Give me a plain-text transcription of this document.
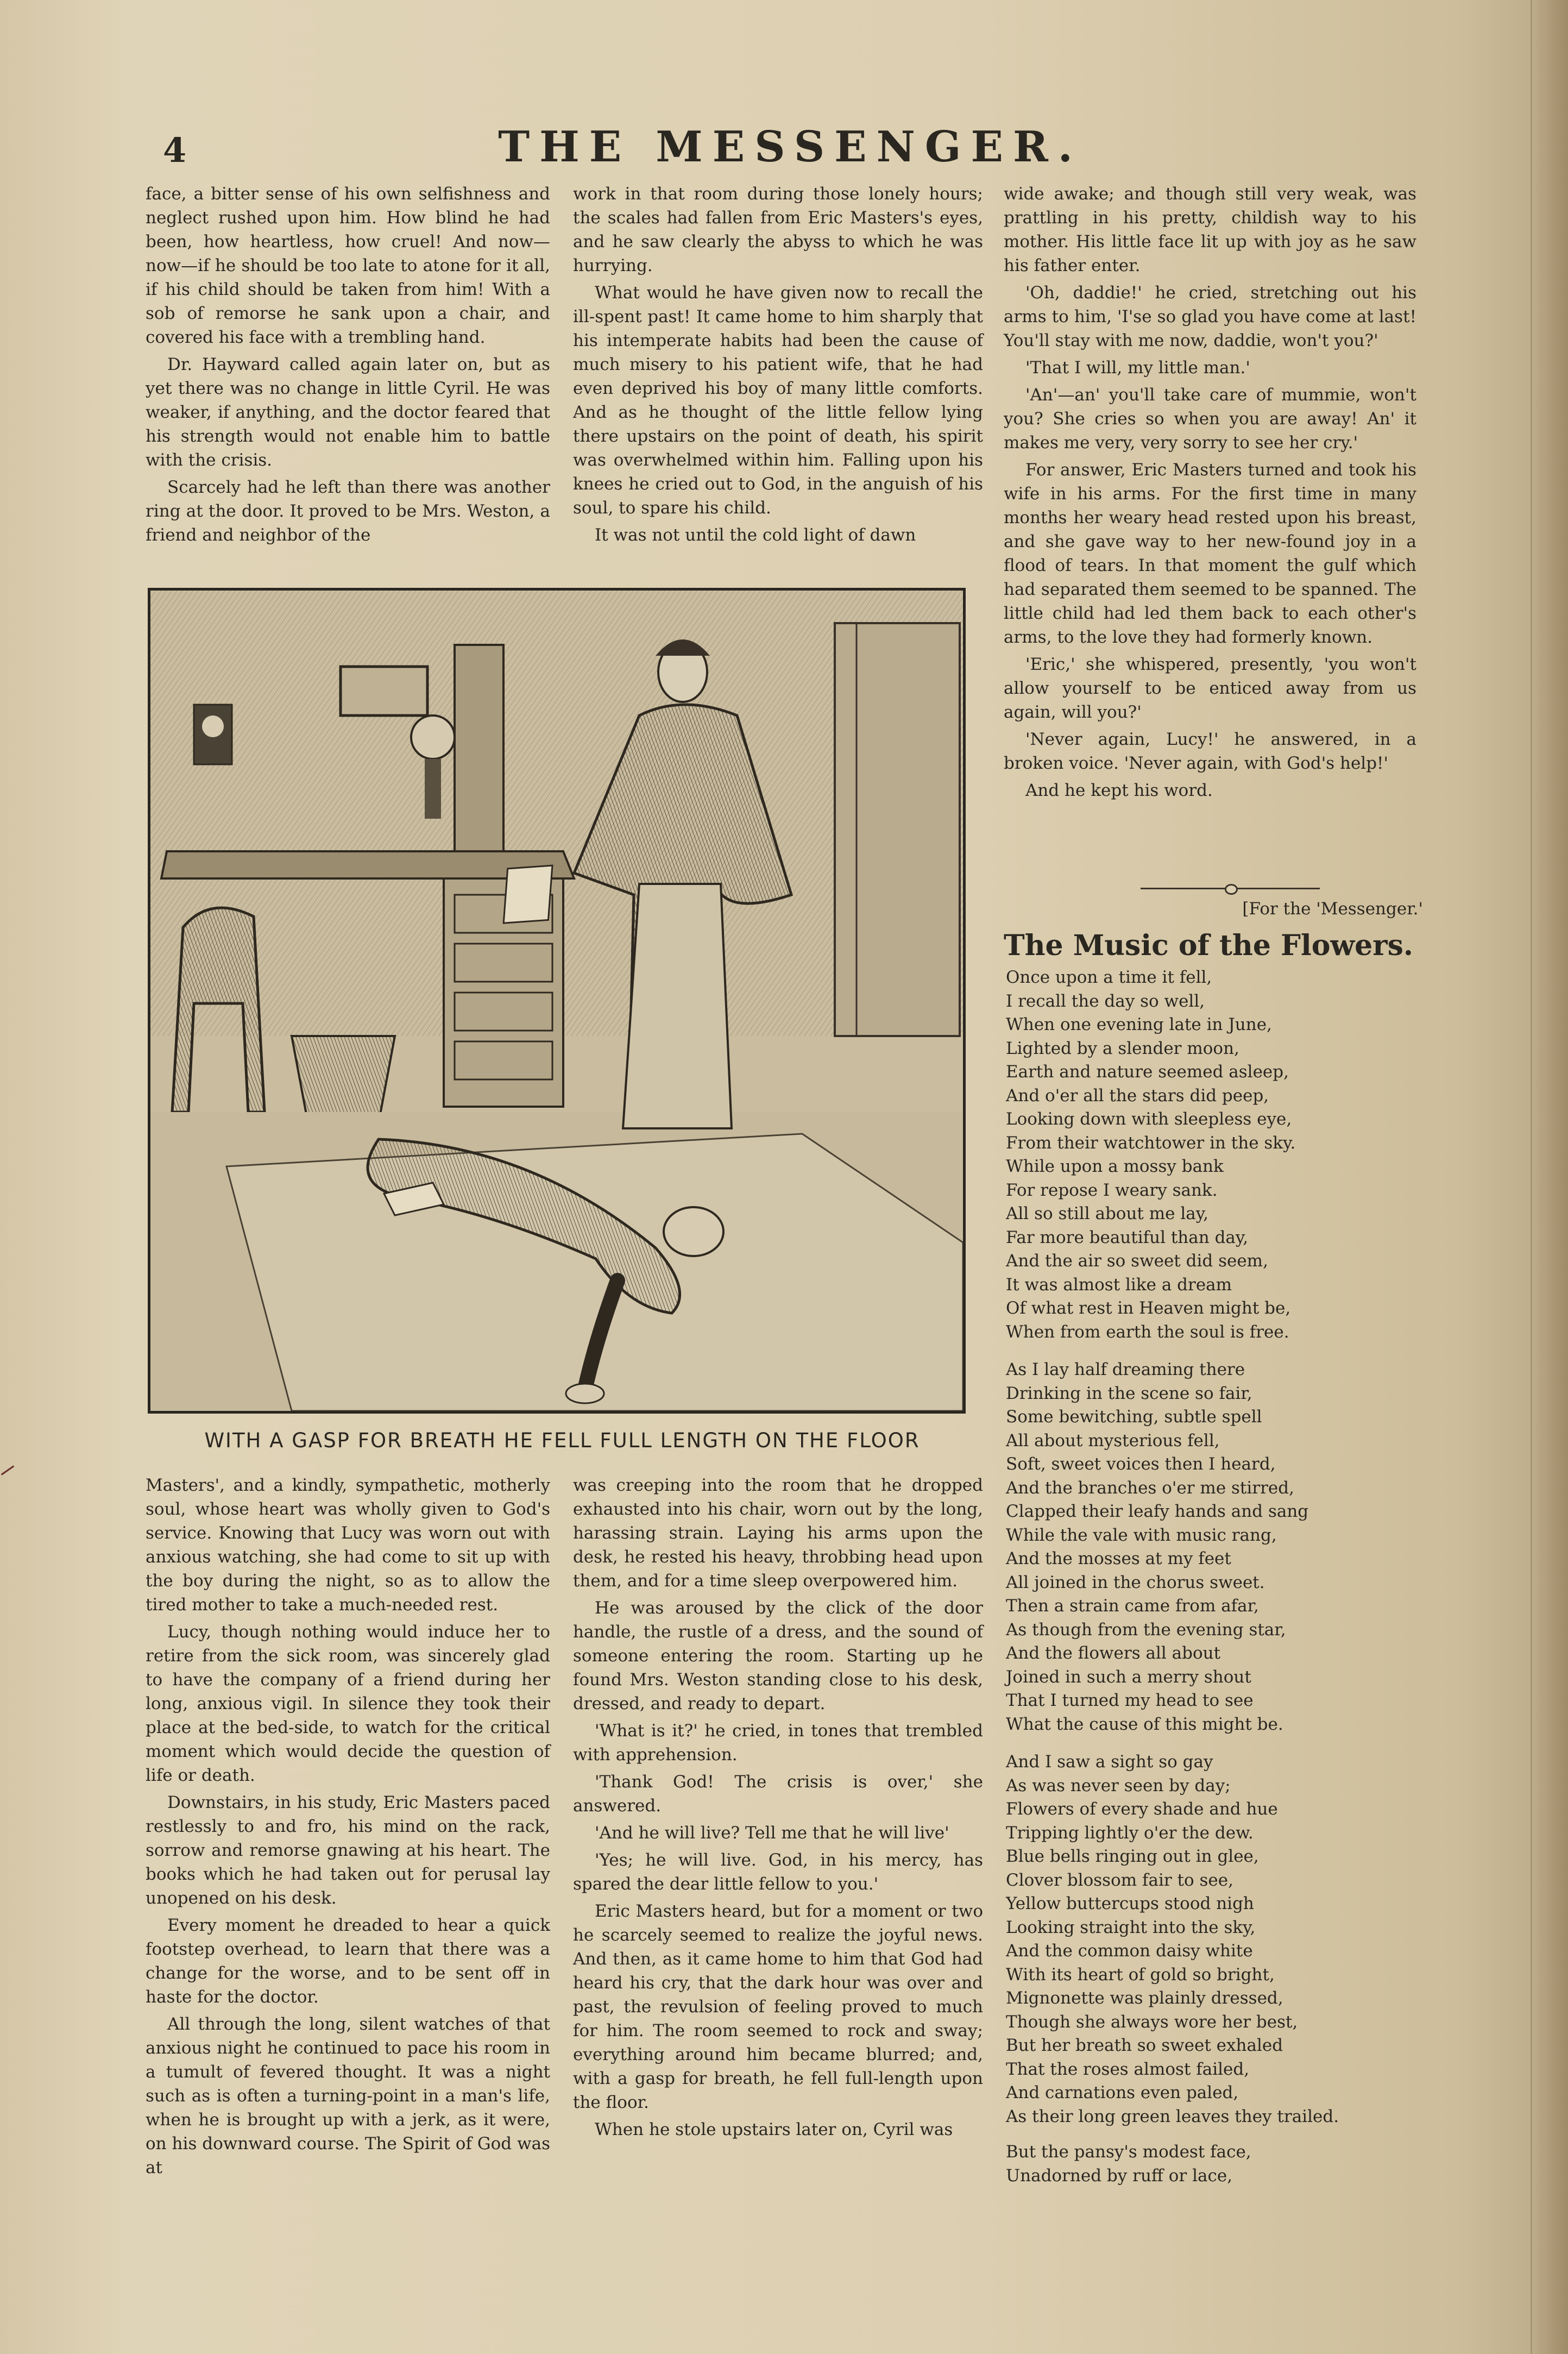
4	THE MESSENGER.

face, a bitter sense of his own selfishness and neglect rushed upon him. How blind he had been, how heartless, how cruel! And now—now—if he should be too late to atone for it all, if his child should be taken from him! With a sob of remorse he sank upon a chair, and covered his face with a trembling hand.

Dr. Hayward called again later on, but as yet there was no change in little Cyril. He was weaker, if anything, and the doctor feared that his strength would not enable him to battle with the crisis.

Scarcely had he left than there was another ring at the door. It proved to be Mrs. Weston, a friend and neighbor of the

work in that room during those lonely hours; the scales had fallen from Eric Masters's eyes, and he saw clearly the abyss to which he was hurrying.

What would he have given now to recall the ill-spent past! It came home to him sharply that his intemperate habits had been the cause of much misery to his patient wife, that he had even deprived his boy of many little comforts. And as he thought of the little fellow lying there upstairs on the point of death, his spirit was overwhelmed within him. Falling upon his knees he cried out to God, in the anguish of his soul, to spare his child.

It was not until the cold light of dawn

wide awake; and though still very weak, was prattling in his pretty, childish way to his mother. His little face lit up with joy as he saw his father enter.

'Oh, daddie!' he cried, stretching out his arms to him, 'I'se so glad you have come at last! You'll stay with me now, daddie, won't you?'

'That I will, my little man.'

'An'—an' you'll take care of mummie, won't you? She cries so when you are away! An' it makes me very, very sorry to see her cry.'

For answer, Eric Masters turned and took his wife in his arms. For the first time in many months her weary head rested upon his breast, and she gave way to her new-found joy in a flood of tears. In that moment the gulf which had separated them seemed to be spanned. The little child had led them back to each other's arms, to the love they had formerly known.

'Eric,' she whispered, presently, 'you won't allow yourself to be enticed away from us again, will you?'

'Never again, Lucy!' he answered, in a broken voice. 'Never again, with God's help!'

And he kept his word.

WITH A GASP FOR BREATH HE FELL FULL LENGTH ON THE FLOOR

Masters', and a kindly, sympathetic, motherly soul, whose heart was wholly given to God's service. Knowing that Lucy was worn out with anxious watching, she had come to sit up with the boy during the night, so as to allow the tired mother to take a much-needed rest.

Lucy, though nothing would induce her to retire from the sick room, was sincerely glad to have the company of a friend during her long, anxious vigil. In silence they took their place at the bed-side, to watch for the critical moment which would decide the question of life or death.

Downstairs, in his study, Eric Masters paced restlessly to and fro, his mind on the rack, sorrow and remorse gnawing at his heart. The books which he had taken out for perusal lay unopened on his desk.

Every moment he dreaded to hear a quick footstep overhead, to learn that there was a change for the worse, and to be sent off in haste for the doctor.

All through the long, silent watches of that anxious night he continued to pace his room in a tumult of fevered thought. It was a night such as is often a turning-point in a man's life, when he is brought up with a jerk, as it were, on his downward course. The Spirit of God was at

was creeping into the room that he dropped exhausted into his chair, worn out by the long, harassing strain. Laying his arms upon the desk, he rested his heavy, throbbing head upon them, and for a time sleep overpowered him.

He was aroused by the click of the door handle, the rustle of a dress, and the sound of someone entering the room. Starting up he found Mrs. Weston standing close to his desk, dressed, and ready to depart.

'What is it?' he cried, in tones that trembled with apprehension.

'Thank God! The crisis is over,' she answered.

'And he will live? Tell me that he will live'

'Yes; he will live. God, in his mercy, has spared the dear little fellow to you.'

Eric Masters heard, but for a moment or two he scarcely seemed to realize the joyful news. And then, as it came home to him that God had heard his cry, that the dark hour was over and past, the revulsion of feeling proved to much for him. The room seemed to rock and sway; everything around him became blurred; and, with a gasp for breath, he fell full-length upon the floor.

When he stole upstairs later on, Cyril was

[For the 'Messenger.'
The Music of the Flowers.
Once upon a time it fell,
I recall the day so well,
When one evening late in June,
Lighted by a slender moon,
Earth and nature seemed asleep,
And o'er all the stars did peep,
Looking down with sleepless eye,
From their watchtower in the sky.
While upon a mossy bank
For repose I weary sank.
All so still about me lay,
Far more beautiful than day,
And the air so sweet did seem,
It was almost like a dream
Of what rest in Heaven might be,
When from earth the soul is free.
As I lay half dreaming there
Drinking in the scene so fair,
Some bewitching, subtle spell
All about mysterious fell,
Soft, sweet voices then I heard,
And the branches o'er me stirred,
Clapped their leafy hands and sang
While the vale with music rang,
And the mosses at my feet
All joined in the chorus sweet.
Then a strain came from afar,
As though from the evening star,
And the flowers all about
Joined in such a merry shout
That I turned my head to see
What the cause of this might be.
And I saw a sight so gay
As was never seen by day;
Flowers of every shade and hue
Tripping lightly o'er the dew.
Blue bells ringing out in glee,
Clover blossom fair to see,
Yellow buttercups stood nigh
Looking straight into the sky,
And the common daisy white
With its heart of gold so bright,
Mignonette was plainly dressed,
Though she always wore her best,
But her breath so sweet exhaled
That the roses almost failed,
And carnations even paled,
As their long green leaves they trailed.
But the pansy's modest face,
Unadorned by ruff or lace,
